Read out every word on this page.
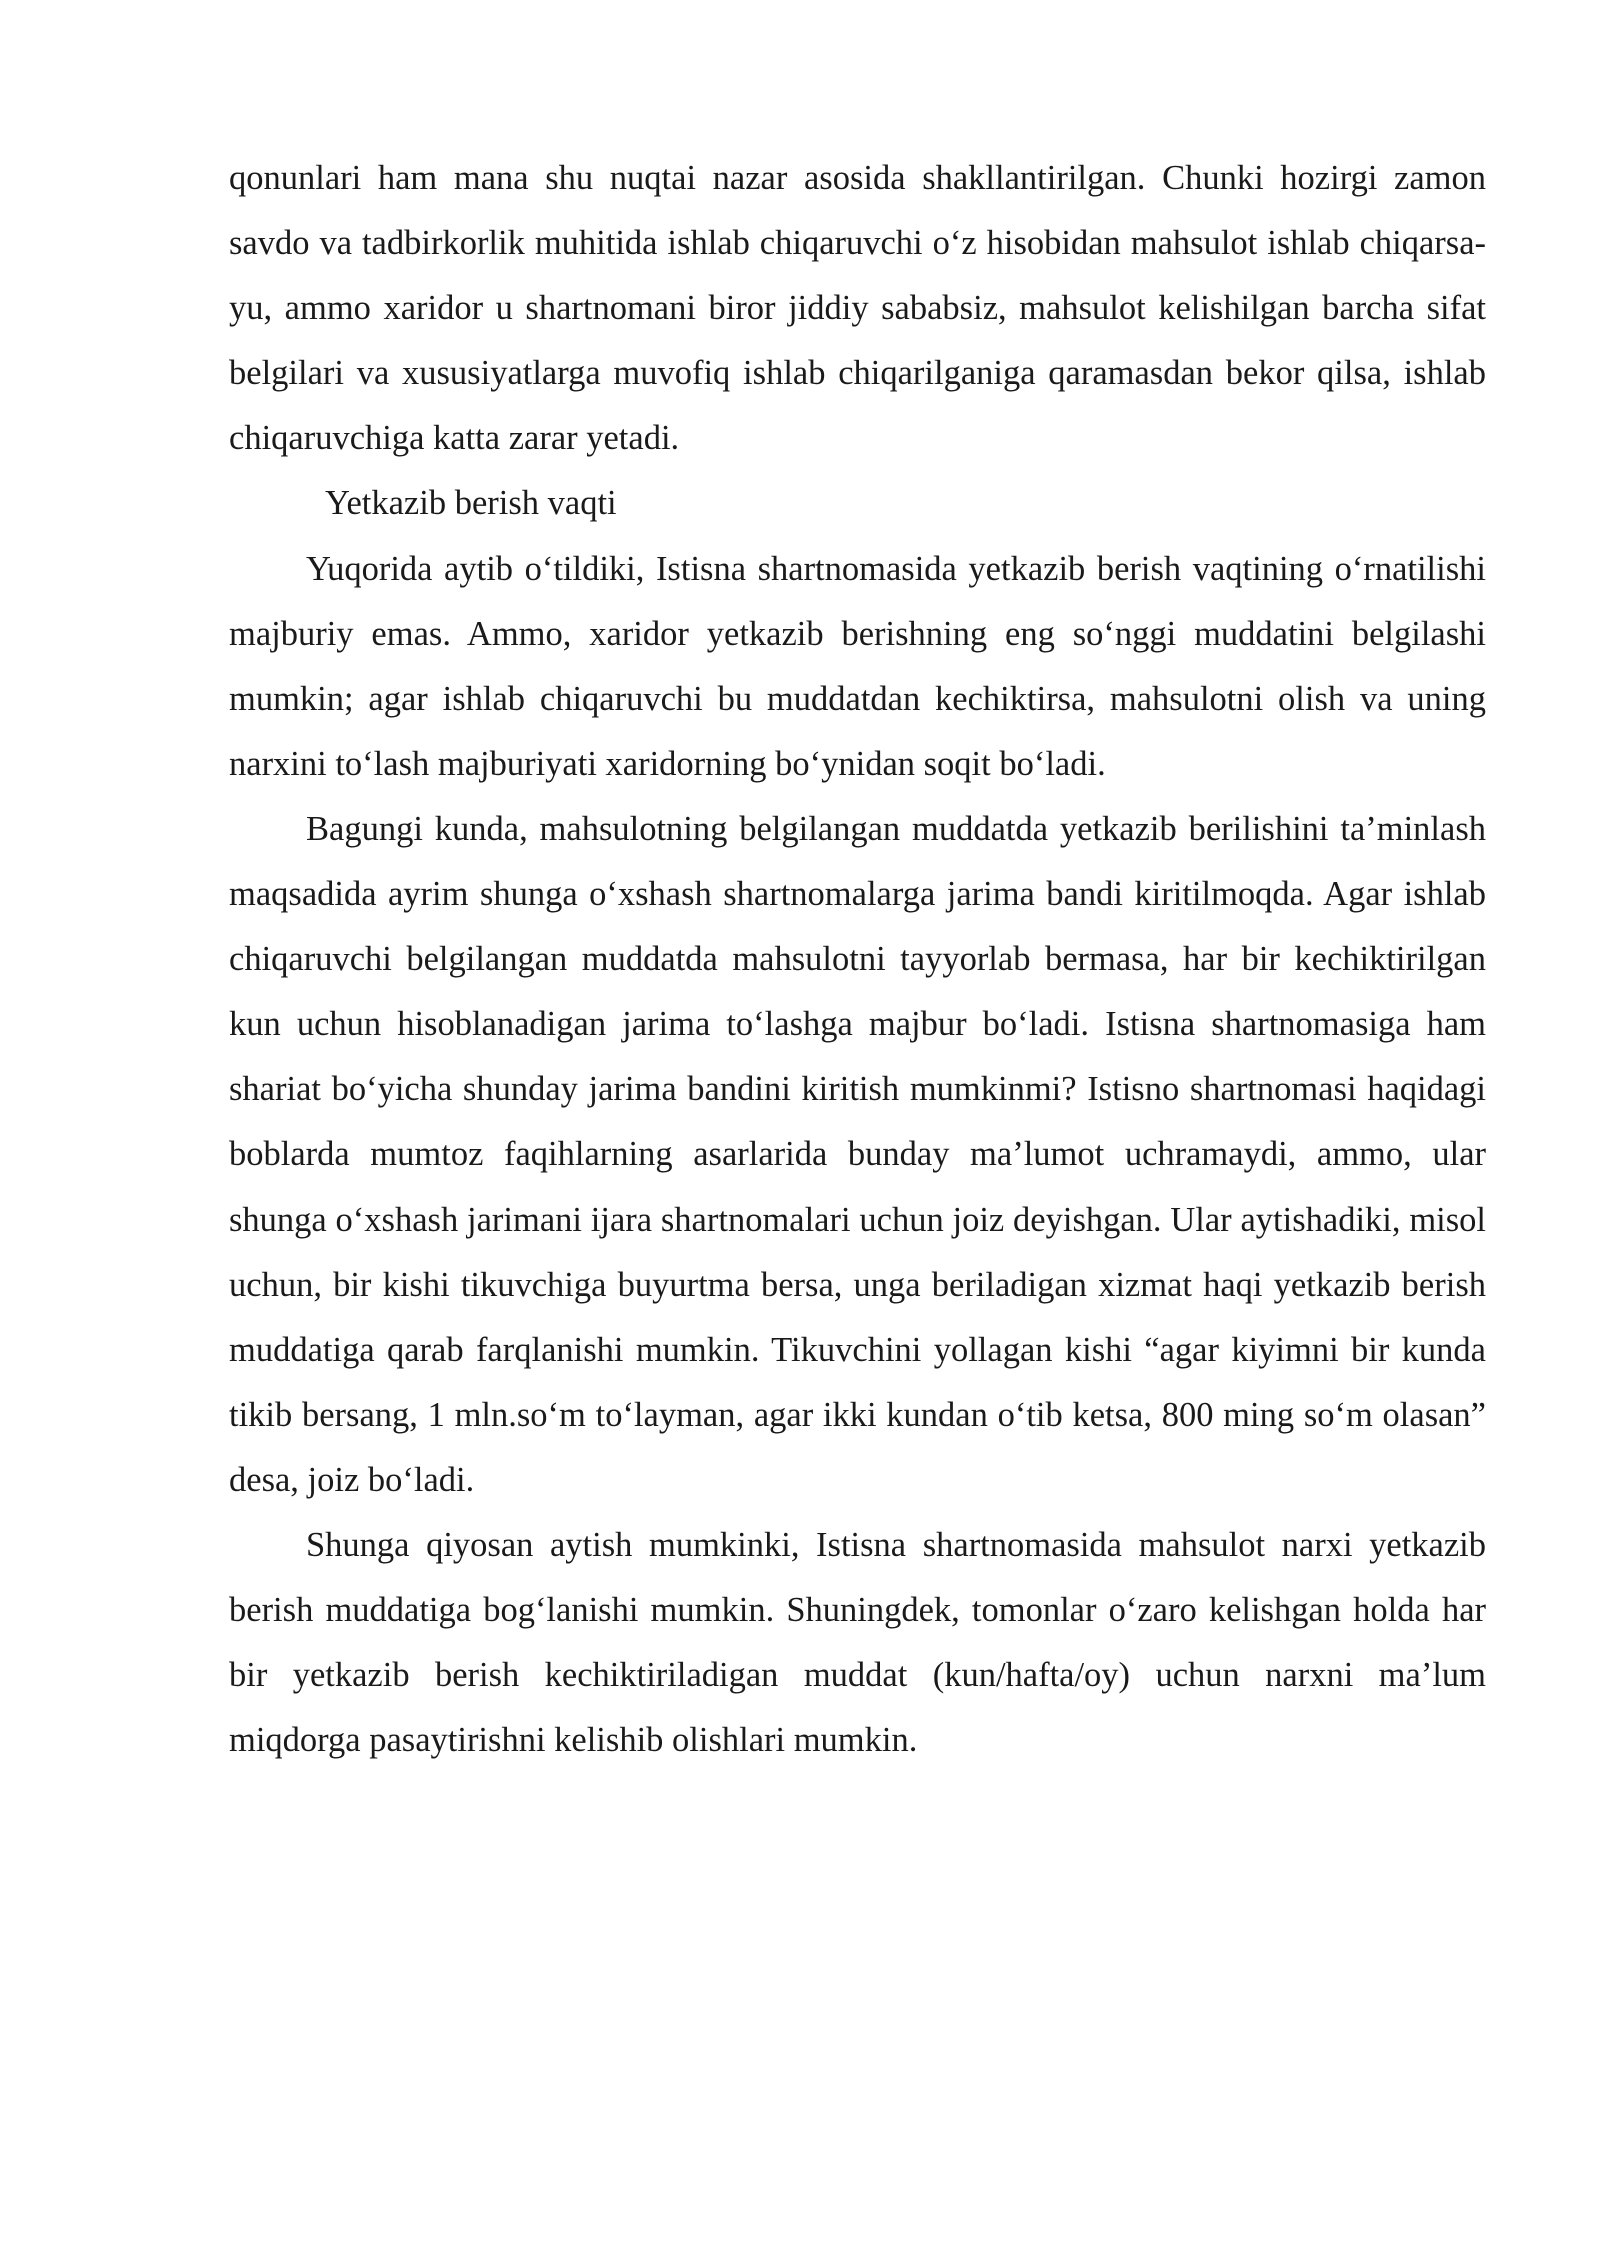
qonunlari ham mana shu nuqtai nazar asosida shakllantirilgan. Chunki hozirgi zamon savdo va tadbirkorlik muhitida ishlab chiqaruvchi o‘z hisobidan mahsulot ishlab chiqarsa-yu, ammo xaridor u shartnomani biror jiddiy sababsiz, mahsulot kelishilgan barcha sifat belgilari va xususiyatlarga muvofiq ishlab chiqarilganiga qaramasdan bekor qilsa, ishlab chiqaruvchiga katta zarar yetadi.

Yetkazib berish vaqti

Yuqorida aytib o‘tildiki, Istisna shartnomasida yetkazib berish vaqtining o‘rnatilishi majburiy emas. Ammo, xaridor yetkazib berishning eng so‘nggi muddatini belgilashi mumkin; agar ishlab chiqaruvchi bu muddatdan kechiktirsa, mahsulotni olish va uning narxini to‘lash majburiyati xaridorning bo‘ynidan soqit bo‘ladi.

Bagungi kunda, mahsulotning belgilangan muddatda yetkazib berilishini ta’minlash maqsadida ayrim shunga o‘xshash shartnomalarga jarima bandi kiritilmoqda. Agar ishlab chiqaruvchi belgilangan muddatda mahsulotni tayyorlab bermasa, har bir kechiktirilgan kun uchun hisoblanadigan jarima to‘lashga majbur bo‘ladi. Istisna shartnomasiga ham shariat bo‘yicha shunday jarima bandini kiritish mumkinmi? Istisno shartnomasi haqidagi boblarda mumtoz faqihlarning asarlarida bunday ma’lumot uchramaydi, ammo, ular shunga o‘xshash jarimani ijara shartnomalari uchun joiz deyishgan. Ular aytishadiki, misol uchun, bir kishi tikuvchiga buyurtma bersa, unga beriladigan xizmat haqi yetkazib berish muddatiga qarab farqlanishi mumkin. Tikuvchini yollagan kishi “agar kiyimni bir kunda tikib bersang, 1 mln.so‘m to‘layman, agar ikki kundan o‘tib ketsa, 800 ming so‘m olasan” desa, joiz bo‘ladi.

Shunga qiyosan aytish mumkinki, Istisna shartnomasida mahsulot narxi yetkazib berish muddatiga bog‘lanishi mumkin. Shuningdek, tomonlar o‘zaro kelishgan holda har bir yetkazib berish kechiktiriladigan muddat (kun/hafta/oy) uchun narxni ma’lum miqdorga pasaytirishni kelishib olishlari mumkin.
